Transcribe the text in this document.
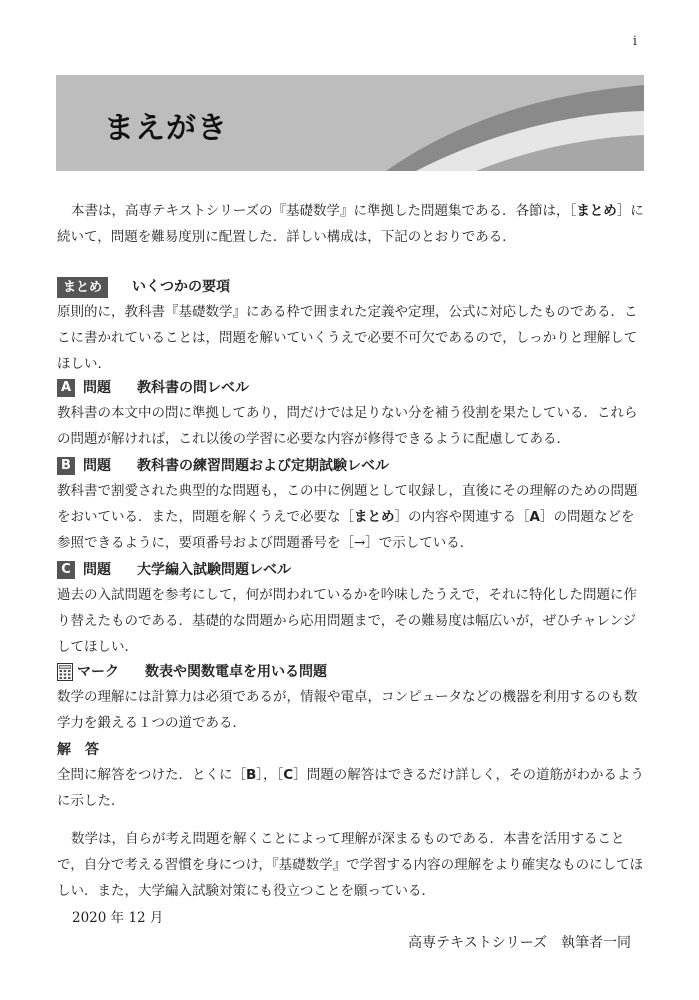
i
まえがき

本書は，高専テキストシリーズの『基礎数学』に準拠した問題集である．各節は，［まとめ］に続いて，問題を難易度別に配置した．詳しい構成は，下記のとおりである．

まとめ	いくつかの要項

原則的に，教科書『基礎数学』にある枠で囲まれた定義や定理，公式に対応したものである．ここに書かれていることは，問題を解いていくうえで必要不可欠であるので，しっかりと理解してほしい．

A 問題 教科書の問レベル

教科書の本文中の問に準拠してあり，問だけでは足りない分を補う役割を果たしている．これらの問題が解ければ，これ以後の学習に必要な内容が修得できるように配慮してある．

B 問題 教科書の練習問題および定期試験レベル

教科書で割愛された典型的な問題も，この中に例題として収録し，直後にその理解のための問題をおいている．また，問題を解くうえで必要な［まとめ］の内容や関連する［A］の問題などを参照できるように，要項番号および問題番号を［→］で示している．

C 問題 大学編入試験問題レベル

過去の入試問題を参考にして，何が問われているかを吟味したうえで，それに特化した問題に作り替えたものである．基礎的な問題から応用問題まで，その難易度は幅広いが，ぜひチャレンジしてほしい．

マーク 数表や関数電卓を用いる問題

数学の理解には計算力は必須であるが，情報や電卓，コンピュータなどの機器を利用するのも数学力を鍛える１つの道である．

解　答

全問に解答をつけた．とくに［B］，［C］問題の解答はできるだけ詳しく，その道筋がわかるように示した．

数学は，自らが考え問題を解くことによって理解が深まるものである．本書を活用することで，自分で考える習慣を身につけ，『基礎数学』で学習する内容の理解をより確実なものにしてほしい．また，大学編入試験対策にも役立つことを願っている．

2020 年 12 月
高専テキストシリーズ　執筆者一同
